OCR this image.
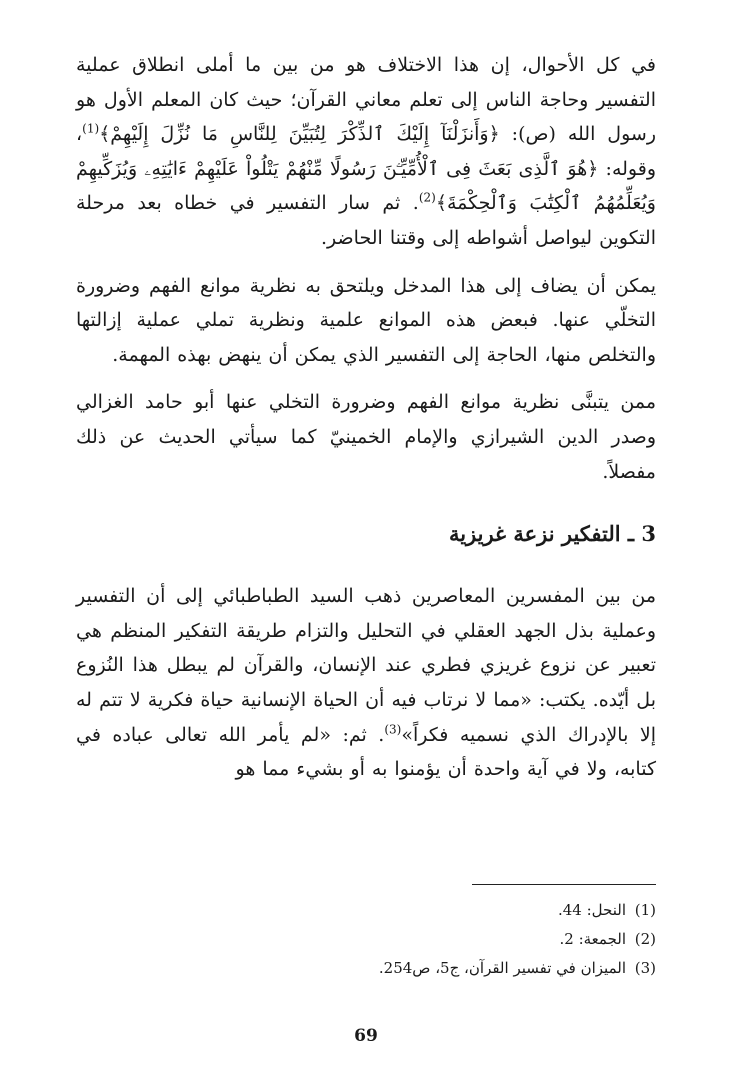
في كل الأحوال، إن هذا الاختلاف هو من بين ما أملى انطلاق عملية التفسير وحاجة الناس إلى تعلم معاني القرآن؛ حيث كان المعلم الأول هو رسول الله (ص): ﴿وَأَنزَلْنَآ إِلَيْكَ ٱلذِّكْرَ لِتُبَيِّنَ لِلنَّاسِ مَا نُزِّلَ إِلَيْهِمْ﴾$^{(1)}$، وقوله: ﴿هُوَ ٱلَّذِى بَعَثَ فِى ٱلْأُمِّيِّـۧنَ رَسُولًا مِّنْهُمْ يَتْلُواْ عَلَيْهِمْ ءَايَٰتِهِۦ وَيُزَكِّيهِمْ وَيُعَلِّمُهُمُ ٱلْكِتَٰبَ وَٱلْحِكْمَةَ﴾$^{(2)}$. ثم سار التفسير في خطاه بعد مرحلة التكوين ليواصل أشواطه إلى وقتنا الحاضر.

يمكن أن يضاف إلى هذا المدخل ويلتحق به نظرية موانع الفهم وضرورة التخلّي عنها. فبعض هذه الموانع علمية ونظرية تملي عملية إزالتها والتخلص منها، الحاجة إلى التفسير الذي يمكن أن ينهض بهذه المهمة.

ممن يتبنَّى نظرية موانع الفهم وضرورة التخلي عنها أبو حامد الغزالي وصدر الدين الشيرازي والإمام الخمينيّ كما سيأتي الحديث عن ذلك مفصلاً.

3 ـ التفكير نزعة غريزية

من بين المفسرين المعاصرين ذهب السيد الطباطبائي إلى أن التفسير وعملية بذل الجهد العقلي في التحليل والتزام طريقة التفكير المنظم هي تعبير عن نزوع غريزي فطري عند الإنسان، والقرآن لم يبطل هذا النُزوع بل أيّده. يكتب: «مما لا نرتاب فيه أن الحياة الإنسانية حياة فكرية لا تتم له إلا بالإدراك الذي نسميه فكراً»$^{(3)}$. ثم: «لم يأمر الله تعالى عباده في كتابه، ولا في آية واحدة أن يؤمنوا به أو بشيء مما هو

(1)النحل: 44.
(2)الجمعة: 2.
(3)الميزان في تفسير القرآن، ج5، ص254.
69
